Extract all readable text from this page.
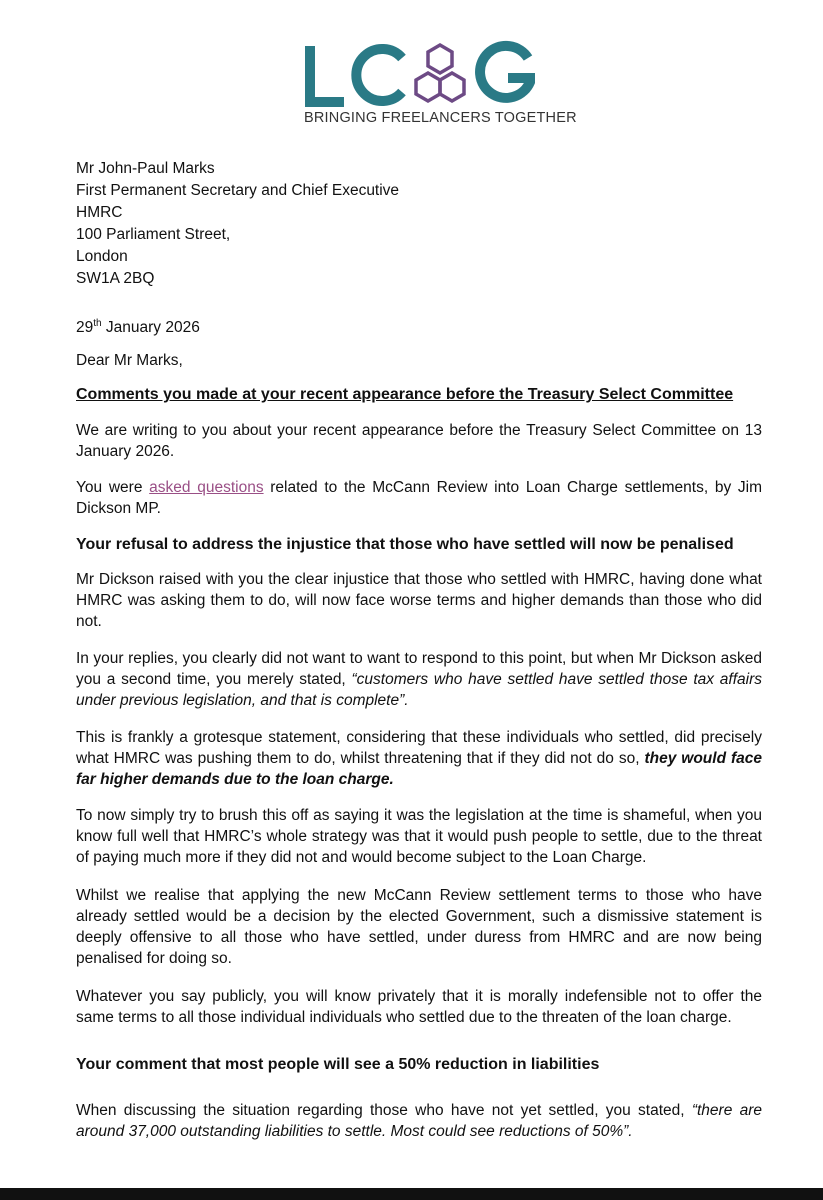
BRINGING FREELANCERS TOGETHER
Mr John-Paul Marks
First Permanent Secretary and Chief Executive
HMRC
100 Parliament Street,
London
SW1A 2BQ
29th January 2026
Dear Mr Marks,
Comments you made at your recent appearance before the Treasury Select Committee
We are writing to you about your recent appearance before the Treasury Select Committee on 13 January 2026.
You were asked questions related to the McCann Review into Loan Charge settlements, by Jim Dickson MP.
Your refusal to address the injustice that those who have settled will now be penalised
Mr Dickson raised with you the clear injustice that those who settled with HMRC, having done what HMRC was asking them to do, will now face worse terms and higher demands than those who did not.
In your replies, you clearly did not want to want to respond to this point, but when Mr Dickson asked you a second time, you merely stated, “customers who have settled have settled those tax affairs under previous legislation, and that is complete”.
This is frankly a grotesque statement, considering that these individuals who settled, did precisely what HMRC was pushing them to do, whilst threatening that if they did not do so, they would face far higher demands due to the loan charge.
To now simply try to brush this off as saying it was the legislation at the time is shameful, when you know full well that HMRC’s whole strategy was that it would push people to settle, due to the threat of paying much more if they did not and would become subject to the Loan Charge.
Whilst we realise that applying the new McCann Review settlement terms to those who have already settled would be a decision by the elected Government, such a dismissive statement is deeply offensive to all those who have settled, under duress from HMRC and are now being penalised for doing so.
Whatever you say publicly, you will know privately that it is morally indefensible not to offer the same terms to all those individual individuals who settled due to the threaten of the loan charge.
Your comment that most people will see a 50% reduction in liabilities
When discussing the situation regarding those who have not yet settled, you stated, “there are around 37,000 outstanding liabilities to settle. Most could see reductions of 50%”.
